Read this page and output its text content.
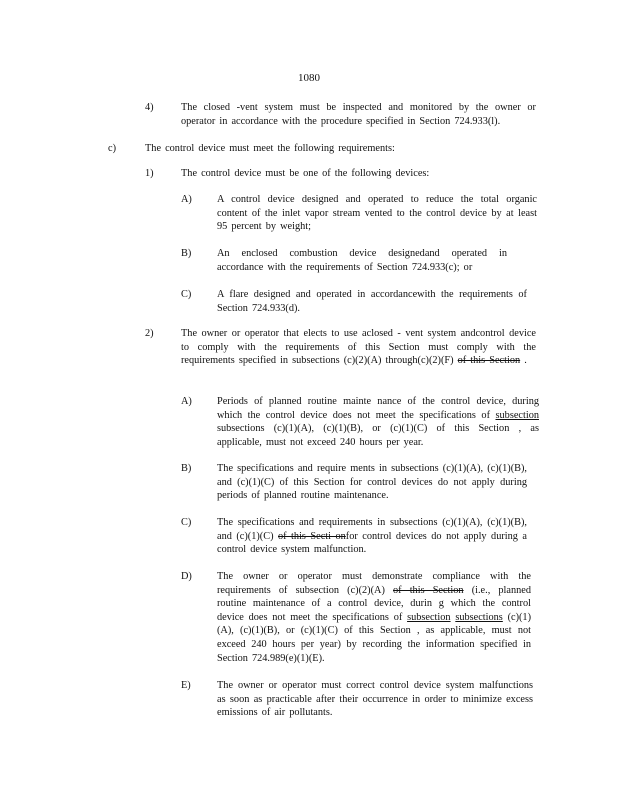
1080
4)	The closed -vent system must be inspected and monitored by the owner or operator in accordance with the procedure specified in Section 724.933(l).
c)	The control device must meet the following requirements:
1)	The control device must be one of the following devices:
A) A control device designed and operated to reduce the total organic content of the inlet vapor stream vented to the control device by at least 95 percent by weight;
B) An enclosed combustion device designedand operated in accordance with the requirements of Section 724.933(c); or
C) A flare designed and operated in accordancewith the requirements of Section 724.933(d).
2)	The owner or operator that elects to use aclosed - vent system andcontrol device to comply with the requirements of this Section must comply with the requirements specified in subsections (c)(2)(A) through(c)(2)(F) of this Section .
A) Periods of planned routine mainte nance of the control device, during which the control device does not meet the specifications of subsection subsections (c)(1)(A), (c)(1)(B), or (c)(1)(C) of this Section , as applicable, must not exceed 240 hours per year.
B) The specifications and require ments in subsections (c)(1)(A), (c)(1)(B), and (c)(1)(C) of this Section for control devices do not apply during periods of planned routine maintenance.
C) The specifications and requirements in subsections (c)(1)(A), (c)(1)(B), and (c)(1)(C) of this Secti onfor control devices do not apply during a control device system malfunction.
D) The owner or operator must demonstrate compliance with the requirements of subsection (c)(2)(A) of this Section (i.e., planned routine maintenance of a control device, durin g which the control device does not meet the specifications of subsection subsections (c)(1)(A), (c)(1)(B), or (c)(1)(C) of this Section , as applicable, must not exceed 240 hours per year) by recording the information specified in Section 724.989(e)(1)(E).
E)	The owner or operator must correct control device system malfunctions as soon as practicable after their occurrence in order to minimize excess emissions of air pollutants.
